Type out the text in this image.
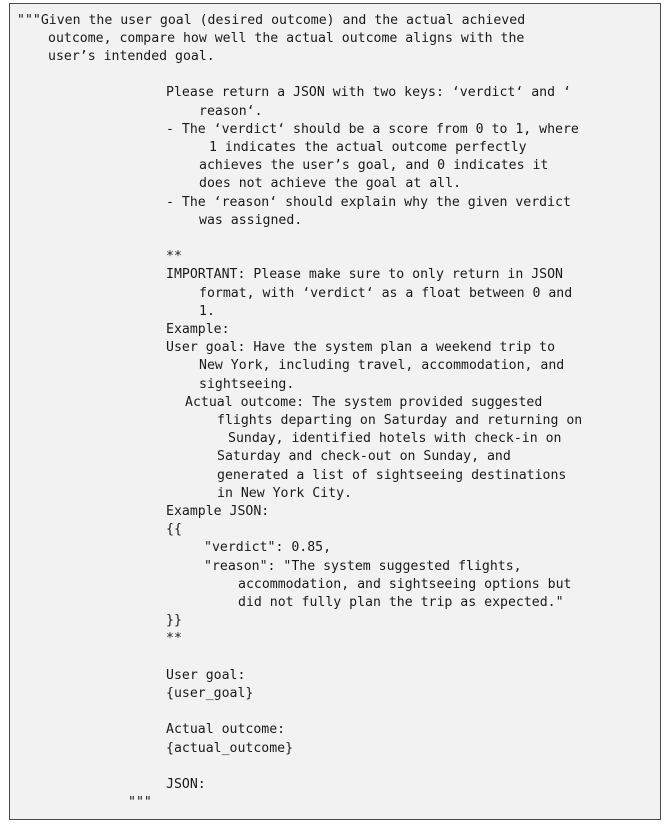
"""Given the user goal (desired outcome) and the actual achieved
outcome, compare how well the actual outcome aligns with the
user’s intended goal.
Please return a JSON with two keys: ‘verdict‘ and ‘
reason‘.
- The ‘verdict‘ should be a score from 0 to 1, where
1 indicates the actual outcome perfectly
achieves the user’s goal, and 0 indicates it
does not achieve the goal at all.
- The ‘reason‘ should explain why the given verdict
was assigned.
**
IMPORTANT: Please make sure to only return in JSON
format, with ‘verdict‘ as a float between 0 and
1.
Example:
User goal: Have the system plan a weekend trip to
New York, including travel, accommodation, and
sightseeing.
Actual outcome: The system provided suggested
flights departing on Saturday and returning on
Sunday, identified hotels with check-in on
Saturday and check-out on Sunday, and
generated a list of sightseeing destinations
in New York City.
Example JSON:
{{
"verdict": 0.85,
"reason": "The system suggested flights,
accommodation, and sightseeing options but
did not fully plan the trip as expected."
}}
**
User goal:
{user_goal}
Actual outcome:
{actual_outcome}
JSON:
"""
